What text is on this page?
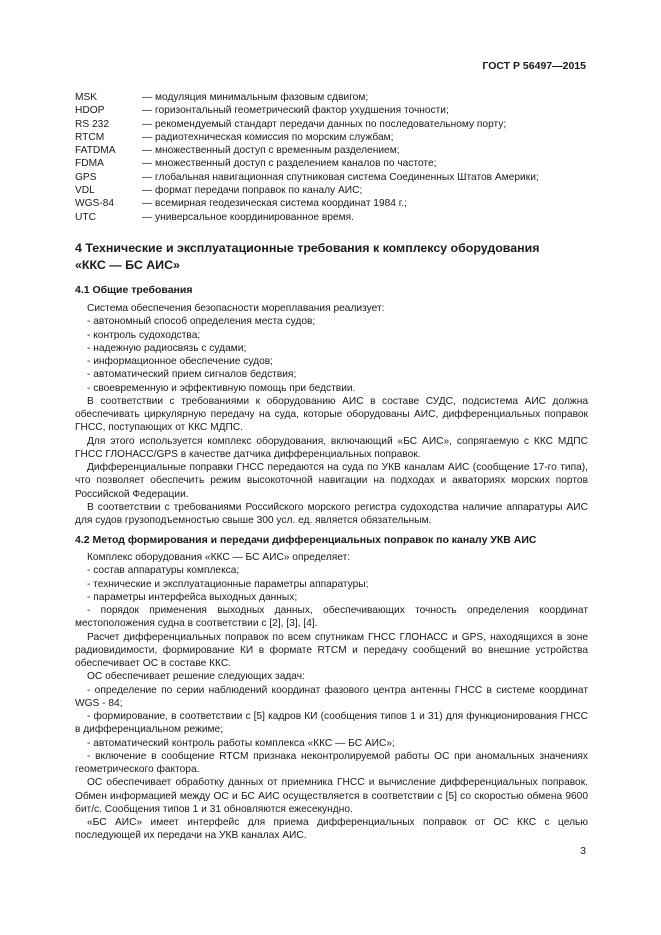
ГОСТ Р 56497—2015
MSK	— модуляция минимальным фазовым сдвигом;
HDOP	— горизонтальный геометрический фактор ухудшения точности;
RS 232	— рекомендуемый стандарт передачи данных по последовательному порту;
RTCM	— радиотехническая комиссия по морским службам;
FATDMA	— множественный доступ с временным разделением;
FDMA	— множественный доступ с разделением каналов по частоте;
GPS	— глобальная навигационная спутниковая система Соединенных Штатов Америки;
VDL	— формат передачи поправок по каналу АИС;
WGS-84	— всемирная геодезическая система координат 1984 г.;
UTC	— универсальное координированное время.
4 Технические и эксплуатационные требования к комплексу оборудования
«ККС — БС АИС»
4.1 Общие требования

Система обеспечения безопасности мореплавания реализует:

- автономный способ определения места судов;

- контроль судоходства;

- надежную радиосвязь с судами;

- информационное обеспечение судов;

- автоматический прием сигналов бедствия;

- своевременную и эффективную помощь при бедствии.

В соответствии с требованиями к оборудованию АИС в составе СУДС, подсистема АИС должна обеспечивать циркулярную передачу на суда, которые оборудованы АИС, дифференциальных поправок ГНСС, поступающих от ККС МДПС.

Для этого используется комплекс оборудования, включающий «БС АИС», сопрягаемую с ККС МДПС ГНСС ГЛОНАСС/GPS в качестве датчика дифференциальных поправок.

Дифференциальные поправки ГНСС передаются на суда по УКВ каналам АИС (сообщение 17-го типа), что позволяет обеспечить режим высокоточной навигации на подходах и акваториях морских портов Российской Федерации.

В соответствии с требованиями Российского морского регистра судоходства наличие аппаратуры АИС для судов грузоподъемностью свыше 300 усл. ед. является обязательным.

4.2 Метод формирования и передачи дифференциальных поправок по каналу УКВ АИС

Комплекс оборудования «ККС — БС АИС» определяет:

- состав аппаратуры комплекса;

- технические и эксплуатационные параметры аппаратуры;

- параметры интерфейса выходных данных;

- порядок применения выходных данных, обеспечивающих точность определения координат местоположения судна в соответствии с [2], [3], [4].

Расчет дифференциальных поправок по всем спутникам ГНСС ГЛОНАСС и GPS, находящихся в зоне радиовидимости, формирование КИ в формате RTCM и передачу сообщений во внешние устройства обеспечивает ОС в составе ККС.

ОС обеспечивает решение следующих задач:

- определение по серии наблюдений координат фазового центра антенны ГНСС в системе координат WGS - 84;

- формирование, в соответствии с [5] кадров КИ (сообщения типов 1 и 31) для функционирования ГНСС в дифференциальном режиме;

- автоматический контроль работы комплекса «ККС — БС АИС»;

- включение в сообщение RTCM признака неконтролируемой работы ОС при аномальных значениях геометрического фактора.

ОС обеспечивает обработку данных от приемника ГНСС и вычисление дифференциальных поправок. Обмен информацией между ОС и БС АИС осуществляется в соответствии с [5] со скоростью обмена 9600 бит/с. Сообщения типов 1 и 31 обновляются ежесекундно.

«БС АИС» имеет интерфейс для приема дифференциальных поправок от ОС ККС с целью последующей их передачи на УКВ каналах АИС.

3
